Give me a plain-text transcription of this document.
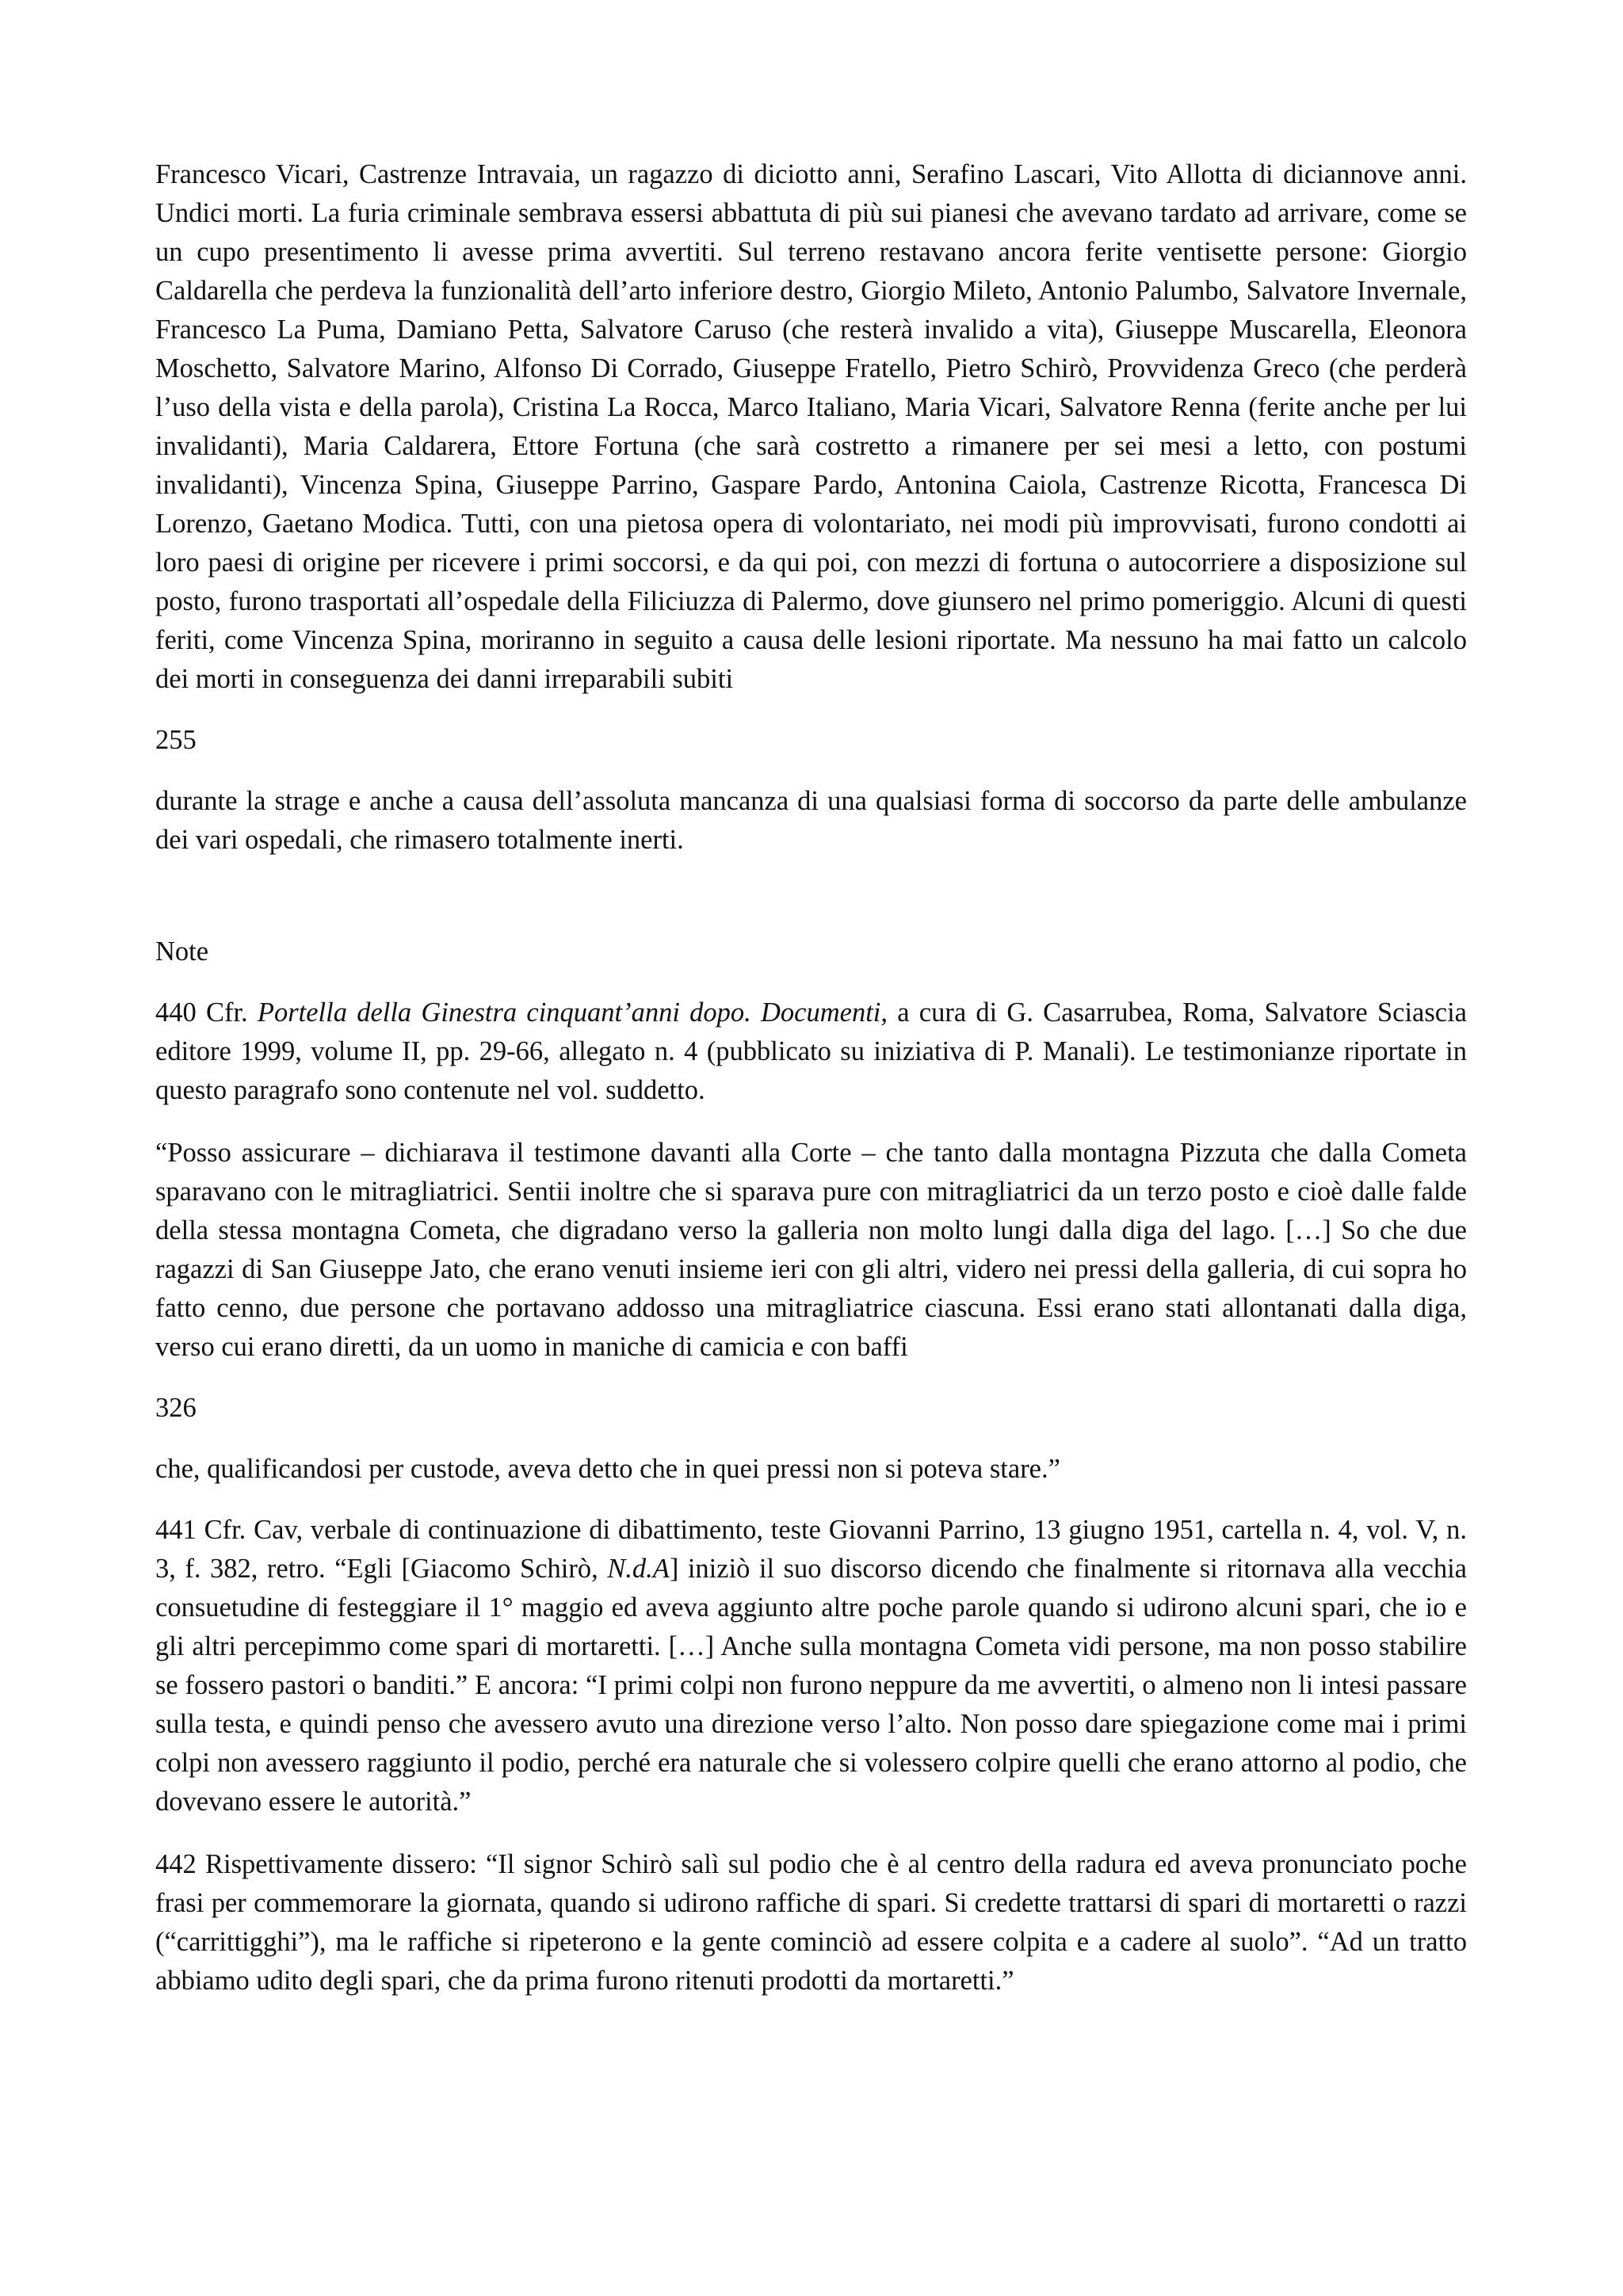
Francesco Vicari, Castrenze Intravaia, un ragazzo di diciotto anni, Serafino Lascari, Vito Allotta di diciannove anni. Undici morti. La furia criminale sembrava essersi abbattuta di più sui pianesi che avevano tardato ad arrivare, come se un cupo presentimento li avesse prima avvertiti. Sul terreno restavano ancora ferite ventisette persone: Giorgio Caldarella che perdeva la funzionalità dell’arto inferiore destro, Giorgio Mileto, Antonio Palumbo, Salvatore Invernale, Francesco La Puma, Damiano Petta, Salvatore Caruso (che resterà invalido a vita), Giuseppe Muscarella, Eleonora Moschetto, Salvatore Marino, Alfonso Di Corrado, Giuseppe Fratello, Pietro Schirò, Provvidenza Greco (che perderà l’uso della vista e della parola), Cristina La Rocca, Marco Italiano, Maria Vicari, Salvatore Renna (ferite anche per lui invalidanti), Maria Caldarera, Ettore Fortuna (che sarà costretto a rimanere per sei mesi a letto, con postumi invalidanti), Vincenza Spina, Giuseppe Parrino, Gaspare Pardo, Antonina Caiola, Castrenze Ricotta, Francesca Di Lorenzo, Gaetano Modica. Tutti, con una pietosa opera di volontariato, nei modi più improvvisati, furono condotti ai loro paesi di origine per ricevere i primi soccorsi, e da qui poi, con mezzi di fortuna o autocorriere a disposizione sul posto, furono trasportati all’ospedale della Filiciuzza di Palermo, dove giunsero nel primo pomeriggio. Alcuni di questi feriti, come Vincenza Spina, moriranno in seguito a causa delle lesioni riportate. Ma nessuno ha mai fatto un calcolo dei morti in conseguenza dei danni irreparabili subiti

255

durante la strage e anche a causa dell’assoluta mancanza di una qualsiasi forma di soccorso da parte delle ambulanze dei vari ospedali, che rimasero totalmente inerti.

Note

440 Cfr. Portella della Ginestra cinquant’anni dopo. Documenti, a cura di G. Casarrubea, Roma, Salvatore Sciascia editore 1999, volume II, pp. 29-66, allegato n. 4 (pubblicato su iniziativa di P. Manali). Le testimonianze riportate in questo paragrafo sono contenute nel vol. suddetto.

“Posso assicurare – dichiarava il testimone davanti alla Corte – che tanto dalla montagna Pizzuta che dalla Cometa sparavano con le mitragliatrici. Sentii inoltre che si sparava pure con mitragliatrici da un terzo posto e cioè dalle falde della stessa montagna Cometa, che digradano verso la galleria non molto lungi dalla diga del lago. […] So che due ragazzi di San Giuseppe Jato, che erano venuti insieme ieri con gli altri, videro nei pressi della galleria, di cui sopra ho fatto cenno, due persone che portavano addosso una mitragliatrice ciascuna. Essi erano stati allontanati dalla diga, verso cui erano diretti, da un uomo in maniche di camicia e con baffi

326

che, qualificandosi per custode, aveva detto che in quei pressi non si poteva stare.”

441 Cfr. Cav, verbale di continuazione di dibattimento, teste Giovanni Parrino, 13 giugno 1951, cartella n. 4, vol. V, n. 3, f. 382, retro. “Egli [Giacomo Schirò, N.d.A] iniziò il suo discorso dicendo che finalmente si ritornava alla vecchia consuetudine di festeggiare il 1° maggio ed aveva aggiunto altre poche parole quando si udirono alcuni spari, che io e gli altri percepimmo come spari di mortaretti. […] Anche sulla montagna Cometa vidi persone, ma non posso stabilire se fossero pastori o banditi.” E ancora: “I primi colpi non furono neppure da me avvertiti, o almeno non li intesi passare sulla testa, e quindi penso che avessero avuto una direzione verso l’alto. Non posso dare spiegazione come mai i primi colpi non avessero raggiunto il podio, perché era naturale che si volessero colpire quelli che erano attorno al podio, che dovevano essere le autorità.”

442 Rispettivamente dissero: “Il signor Schirò salì sul podio che è al centro della radura ed aveva pronunciato poche frasi per commemorare la giornata, quando si udirono raffiche di spari. Si credette trattarsi di spari di mortaretti o razzi (“carrittigghi”), ma le raffiche si ripeterono e la gente cominciò ad essere colpita e a cadere al suolo”. “Ad un tratto abbiamo udito degli spari, che da prima furono ritenuti prodotti da mortaretti.”
